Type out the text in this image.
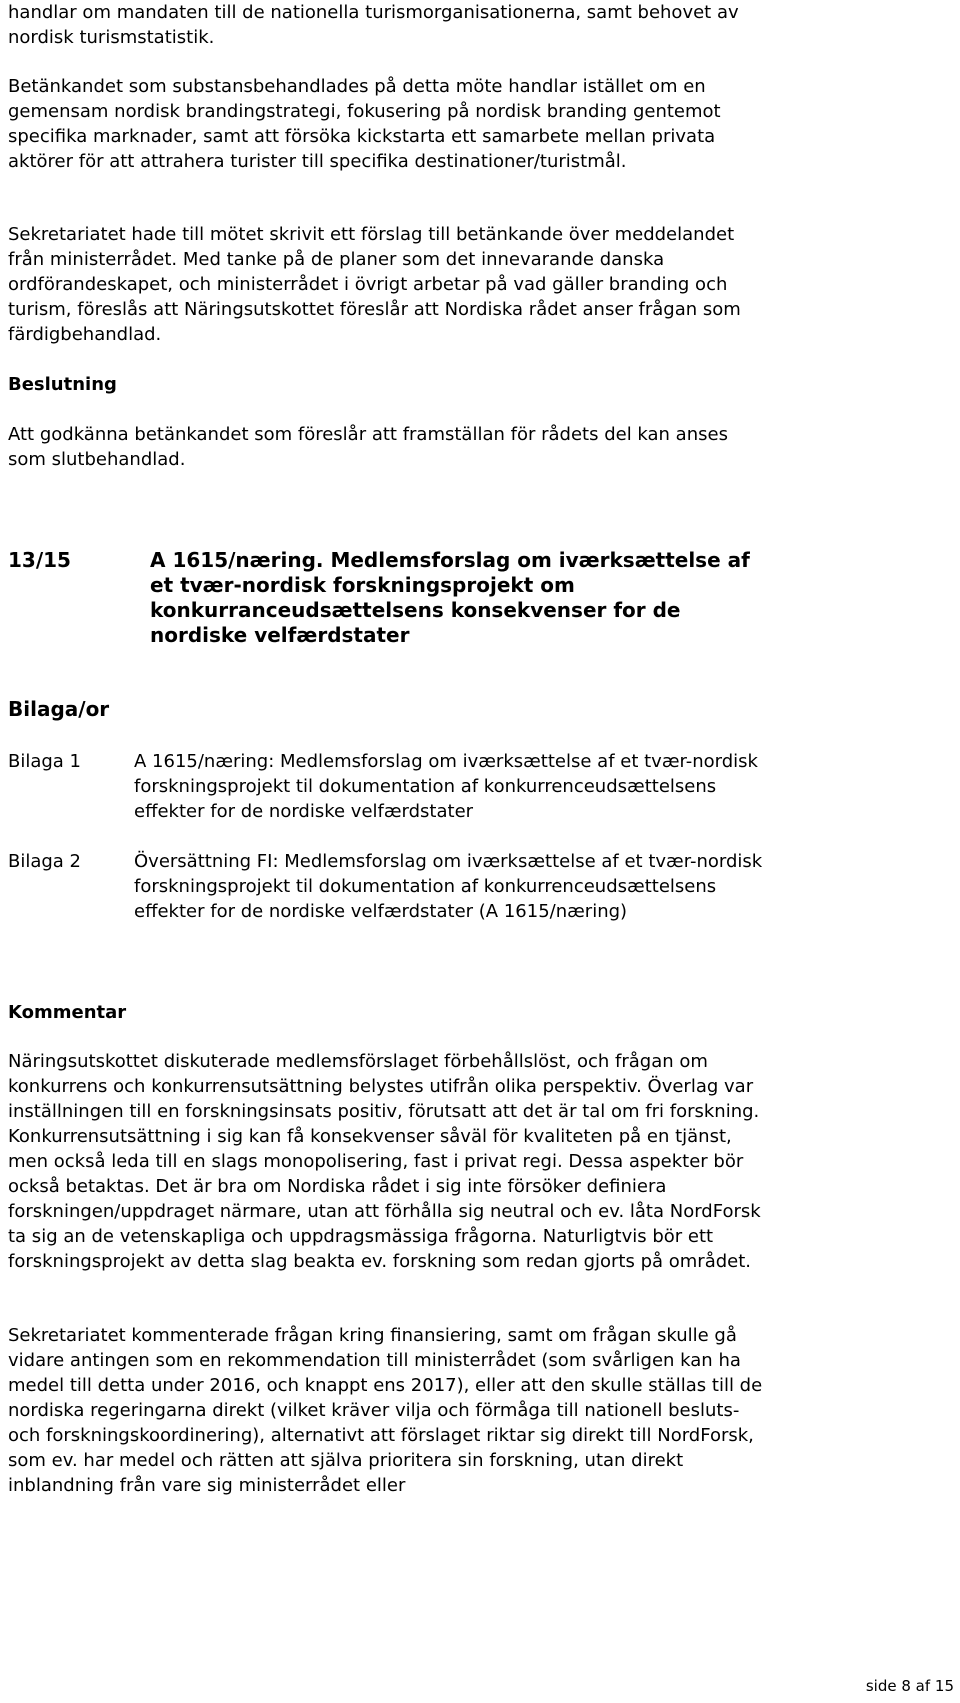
handlar om mandaten till de nationella turismorganisationerna, samt behovet av nordisk turismstatistik.

Betänkandet som substansbehandlades på detta möte handlar istället om en gemensam nordisk brandingstrategi, fokusering på nordisk branding gentemot specifika marknader, samt att försöka kickstarta ett samarbete mellan privata aktörer för att attrahera turister till specifika destinationer/turistmål.

Sekretariatet hade till mötet skrivit ett förslag till betänkande över meddelandet från ministerrådet. Med tanke på de planer som det innevarande danska ordförandeskapet, och ministerrådet i övrigt arbetar på vad gäller branding och turism, föreslås att Näringsutskottet föreslår att Nordiska rådet anser frågan som färdigbehandlad.

Beslutning

Att godkänna betänkandet som föreslår att framställan för rådets del kan anses som slutbehandlad.

13/15	A 1615/næring. Medlemsforslag om iværksættelse af et tvær-nordisk forskningsprojekt om konkurranceudsættelsens konsekvenser for de nordiske velfærdstater

Bilaga/or

Bilaga 1	A 1615/næring: Medlemsforslag om iværksættelse af et tvær-nordisk forskningsprojekt til dokumentation af konkurrenceudsættelsens effekter for de nordiske velfærdstater
Bilaga 2	Översättning FI: Medlemsforslag om iværksættelse af et tvær-nordisk forskningsprojekt til dokumentation af konkurrenceudsættelsens effekter for de nordiske velfærdstater (A 1615/næring)

Kommentar

Näringsutskottet diskuterade medlemsförslaget förbehållslöst, och frågan om konkurrens och konkurrensutsättning belystes utifrån olika perspektiv. Överlag var inställningen till en forskningsinsats positiv, förutsatt att det är tal om fri forskning. Konkurrensutsättning i sig kan få konsekvenser såväl för kvaliteten på en tjänst, men också leda till en slags monopolisering, fast i privat regi. Dessa aspekter bör också betaktas. Det är bra om Nordiska rådet i sig inte försöker definiera forskningen/uppdraget närmare, utan att förhålla sig neutral och ev. låta NordForsk ta sig an de vetenskapliga och uppdragsmässiga frågorna. Naturligtvis bör ett forskningsprojekt av detta slag beakta ev. forskning som redan gjorts på området.

Sekretariatet kommenterade frågan kring finansiering, samt om frågan skulle gå vidare antingen som en rekommendation till ministerrådet (som svårligen kan ha medel till detta under 2016, och knappt ens 2017), eller att den skulle ställas till de nordiska regeringarna direkt (vilket kräver vilja och förmåga till nationell besluts- och forskningskoordinering), alternativt att förslaget riktar sig direkt till NordForsk, som ev. har medel och rätten att själva prioritera sin forskning, utan direkt inblandning från vare sig ministerrådet eller

side 8 af 15
